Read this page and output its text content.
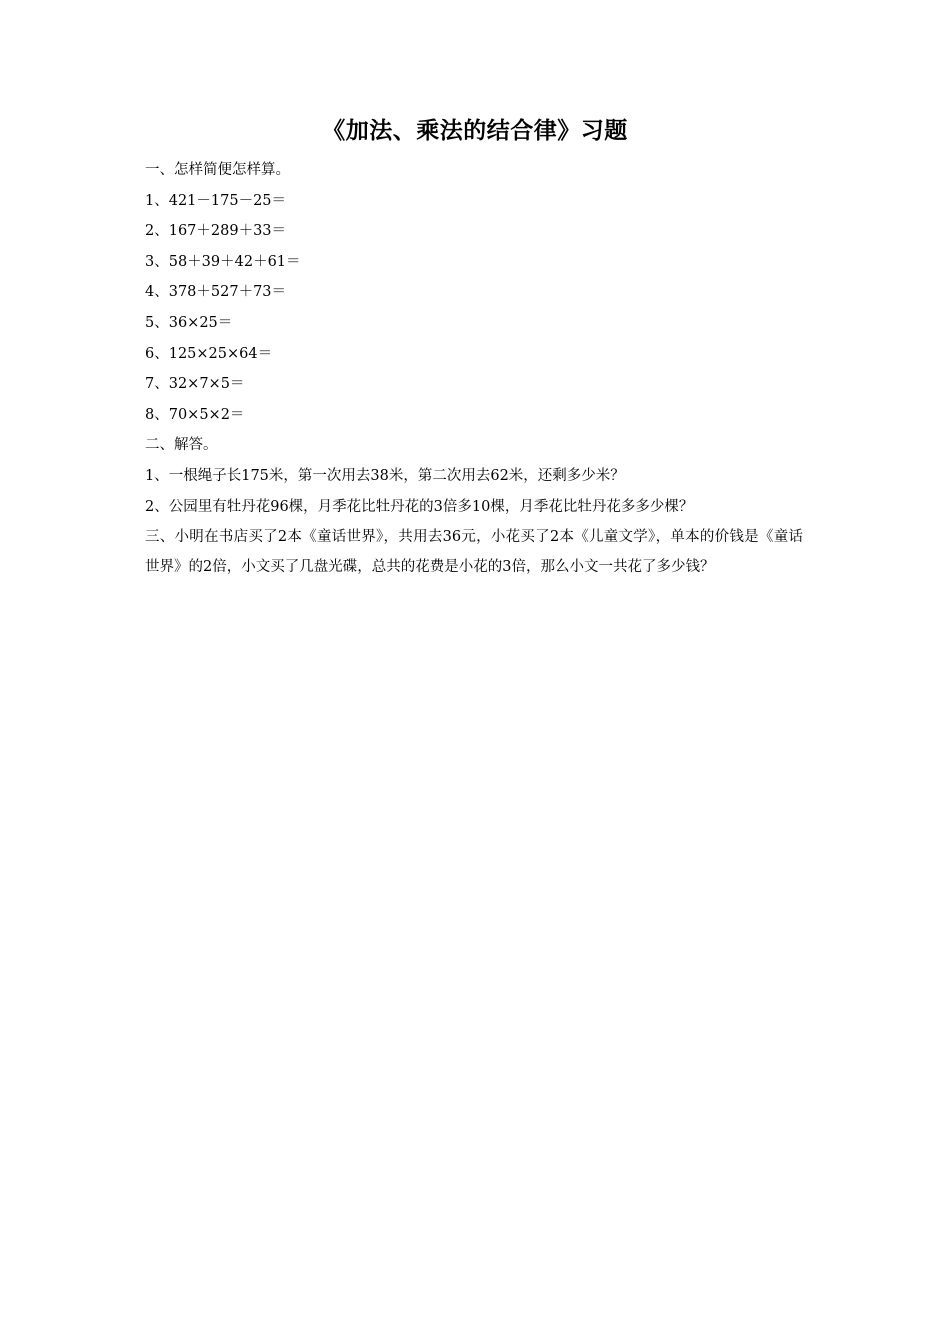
《加法、乘法的结合律》习题
一、怎样简便怎样算。
1、421－175－25＝
2、167＋289＋33＝
3、58＋39＋42＋61＝
4、378＋527＋73＝
5、36×25＝
6、125×25×64＝
7、32×7×5＝
8、70×5×2＝
二、解答。
1、一根绳子长175米，第一次用去38米，第二次用去62米，还剩多少米？
2、公园里有牡丹花96棵，月季花比牡丹花的3倍多10棵，月季花比牡丹花多多少棵？
三、小明在书店买了2本《童话世界》，共用去36元，小花买了2本《儿童文学》，单本的价钱是《童话世界》的2倍，小文买了几盘光碟，总共的花费是小花的3倍，那么小文一共花了多少钱？
